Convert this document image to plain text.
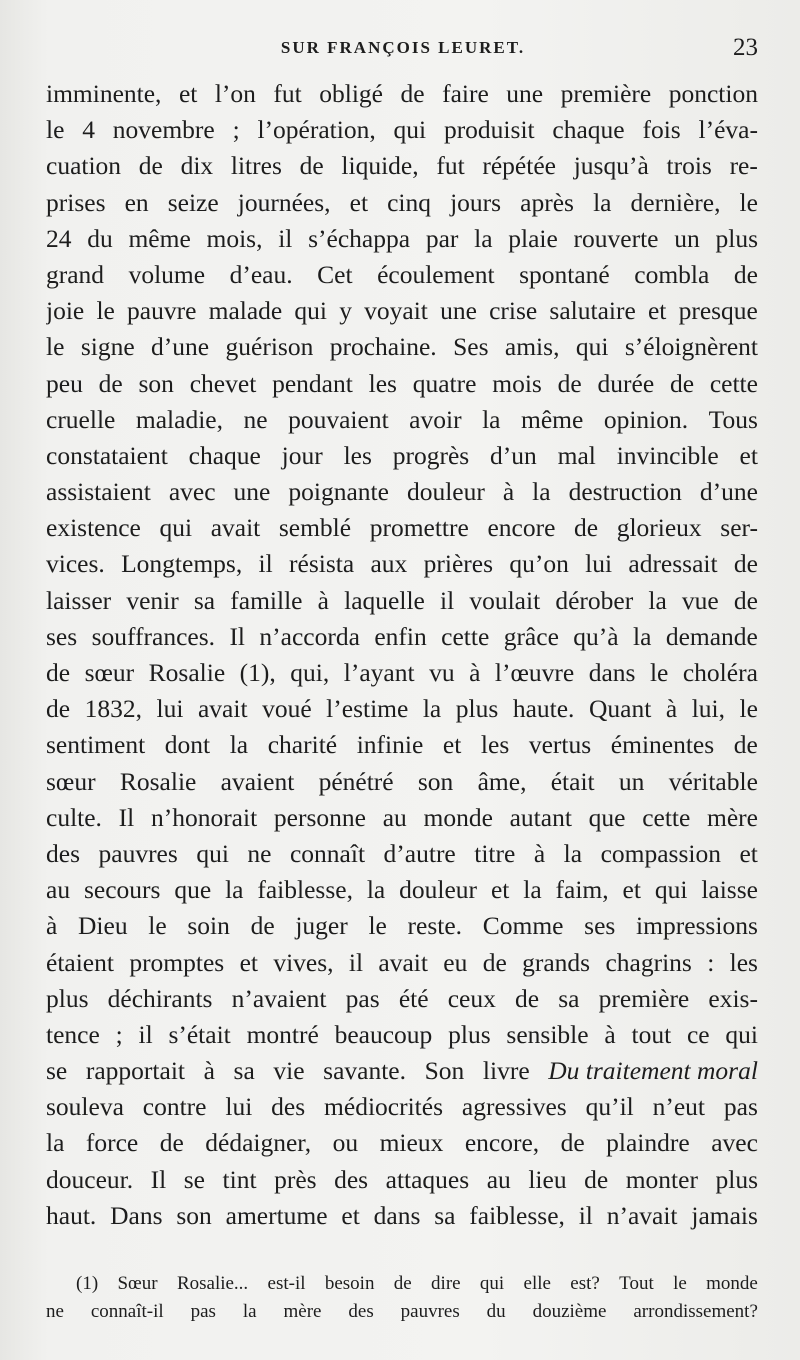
SUR FRANÇOIS LEURET.	23
imminente, et l’on fut obligé de faire une première ponction
le 4 novembre ; l’opération, qui produisit chaque fois l’éva-
cuation de dix litres de liquide, fut répétée jusqu’à trois re-
prises en seize journées, et cinq jours après la dernière, le
24 du même mois, il s’échappa par la plaie rouverte un plus
grand volume d’eau. Cet écoulement spontané combla de
joie le pauvre malade qui y voyait une crise salutaire et presque
le signe d’une guérison prochaine. Ses amis, qui s’éloignèrent
peu de son chevet pendant les quatre mois de durée de cette
cruelle maladie, ne pouvaient avoir la même opinion. Tous
constataient chaque jour les progrès d’un mal invincible et
assistaient avec une poignante douleur à la destruction d’une
existence qui avait semblé promettre encore de glorieux ser-
vices. Longtemps, il résista aux prières qu’on lui adressait de
laisser venir sa famille à laquelle il voulait dérober la vue de
ses souffrances. Il n’accorda enfin cette grâce qu’à la demande
de sœur Rosalie (1), qui, l’ayant vu à l’œuvre dans le choléra
de 1832, lui avait voué l’estime la plus haute. Quant à lui, le
sentiment dont la charité infinie et les vertus éminentes de
sœur Rosalie avaient pénétré son âme, était un véritable
culte. Il n’honorait personne au monde autant que cette mère
des pauvres qui ne connaît d’autre titre à la compassion et
au secours que la faiblesse, la douleur et la faim, et qui laisse
à Dieu le soin de juger le reste. Comme ses impressions
étaient promptes et vives, il avait eu de grands chagrins : les
plus déchirants n’avaient pas été ceux de sa première exis-
tence ; il s’était montré beaucoup plus sensible à tout ce qui
se rapportait à sa vie savante. Son livre Du traitement moral
souleva contre lui des médiocrités agressives qu’il n’eut pas
la force de dédaigner, ou mieux encore, de plaindre avec
douceur. Il se tint près des attaques au lieu de monter plus
haut. Dans son amertume et dans sa faiblesse, il n’avait jamais
(1) Sœur Rosalie... est-il besoin de dire qui elle est? Tout le monde
ne connaît-il pas la mère des pauvres du douzième arrondissement?
